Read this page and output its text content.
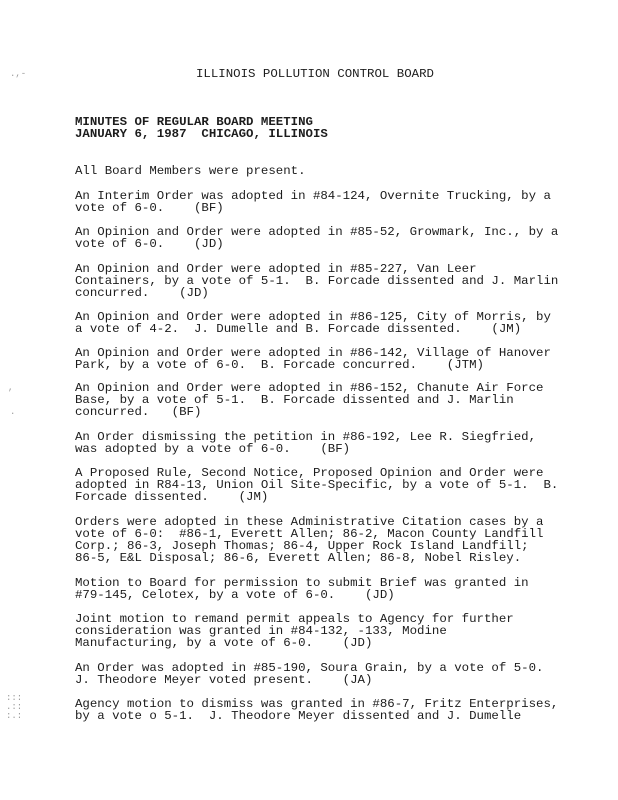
.,-
,
.
:::
.::
:.:

ILLINOIS POLLUTION CONTROL BOARD

MINUTES OF REGULAR BOARD MEETING

JANUARY 6, 1987  CHICAGO, ILLINOIS

All Board Members were present.

An Interim Order was adopted in #84-124, Overnite Trucking, by a

vote of 6-0.    (BF)

An Opinion and Order were adopted in #85-52, Growmark, Inc., by a

vote of 6-0.    (JD)

An Opinion and Order were adopted in #85-227, Van Leer

Containers, by a vote of 5-1.  B. Forcade dissented and J. Marlin

concurred.    (JD)

An Opinion and Order were adopted in #86-125, City of Morris, by

a vote of 4-2.  J. Dumelle and B. Forcade dissented.    (JM)

An Opinion and Order were adopted in #86-142, Village of Hanover

Park, by a vote of 6-0.  B. Forcade concurred.    (JTM)

An Opinion and Order were adopted in #86-152, Chanute Air Force

Base, by a vote of 5-1.  B. Forcade dissented and J. Marlin

concurred.   (BF)

An Order dismissing the petition in #86-192, Lee R. Siegfried,

was adopted by a vote of 6-0.    (BF)

A Proposed Rule, Second Notice, Proposed Opinion and Order were

adopted in R84-13, Union Oil Site-Specific, by a vote of 5-1.  B.

Forcade dissented.    (JM)

Orders were adopted in these Administrative Citation cases by a

vote of 6-0:  #86-1, Everett Allen; 86-2, Macon County Landfill

Corp.; 86-3, Joseph Thomas; 86-4, Upper Rock Island Landfill;

86-5, E&L Disposal; 86-6, Everett Allen; 86-8, Nobel Risley.

Motion to Board for permission to submit Brief was granted in

#79-145, Celotex, by a vote of 6-0.    (JD)

Joint motion to remand permit appeals to Agency for further

consideration was granted in #84-132, -133, Modine

Manufacturing, by a vote of 6-0.    (JD)

An Order was adopted in #85-190, Soura Grain, by a vote of 5-0.

J. Theodore Meyer voted present.    (JA)

Agency motion to dismiss was granted in #86-7, Fritz Enterprises,

by a vote o 5-1.  J. Theodore Meyer dissented and J. Dumelle
